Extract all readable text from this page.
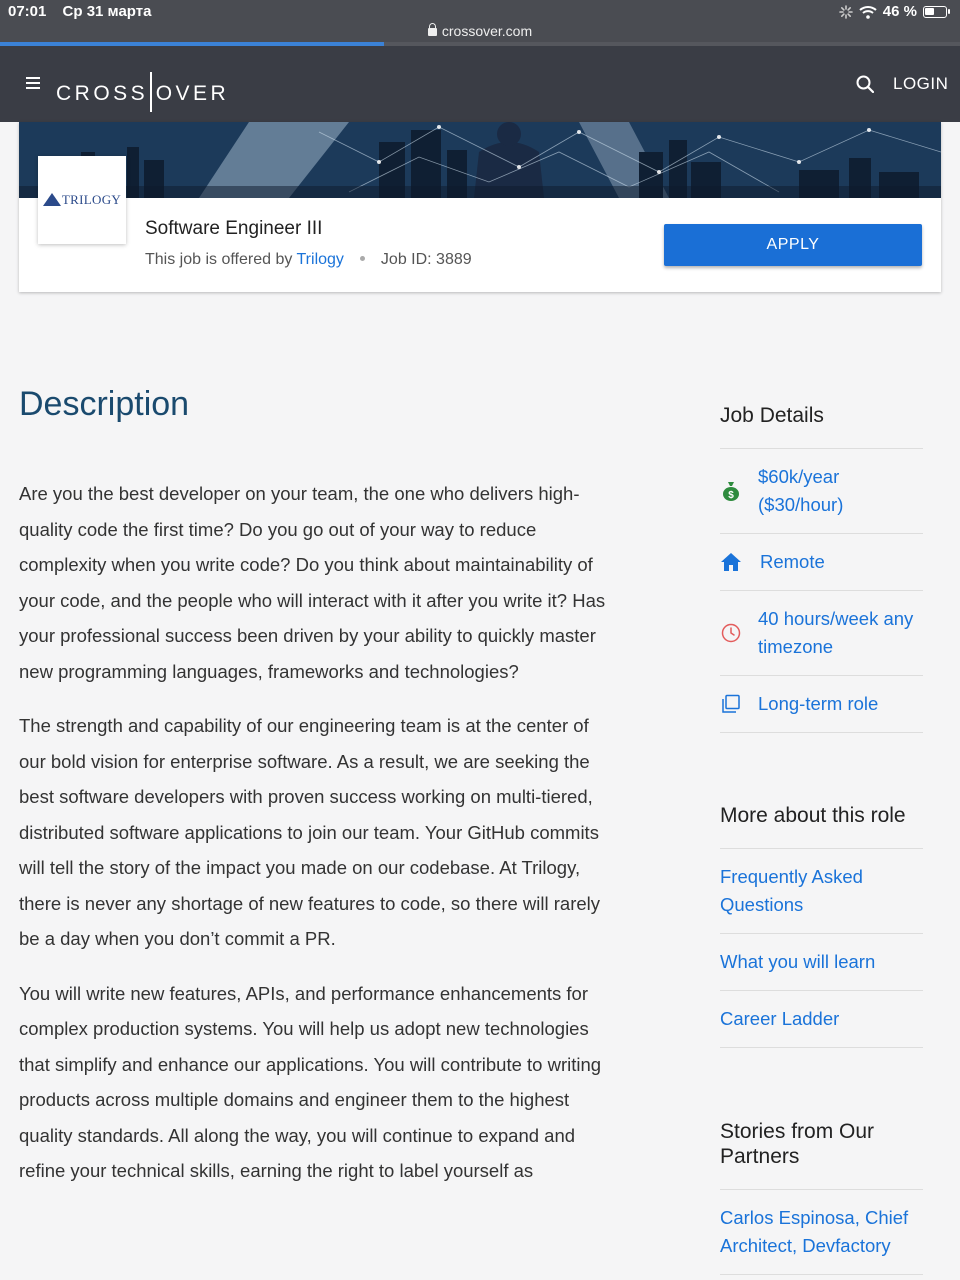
07:01 Ср 31 марта	46 %
crossover.com
CROSS OVER	LOGIN
TRILOGY
Software Engineer III
This job is offered by Trilogy Job ID: 3889
APPLY
Description

Are you the best developer on your team, the one who delivers high-quality code the first time? Do you go out of your way to reduce complexity when you write code? Do you think about maintainability of your code, and the people who will interact with it after you write it? Has your professional success been driven by your ability to quickly master new programming languages, frameworks and technologies?

The strength and capability of our engineering team is at the center of our bold vision for enterprise software. As a result, we are seeking the best software developers with proven success working on multi-tiered, distributed software applications to join our team. Your GitHub commits will tell the story of the impact you made on our codebase. At Trilogy, there is never any shortage of new features to code, so there will rarely be a day when you don’t commit a PR.

You will write new features, APIs, and performance enhancements for complex production systems. You will help us adopt new technologies that simplify and enhance our applications. You will contribute to writing products across multiple domains and engineer them to the highest quality standards. All along the way, you will continue to expand and refine your technical skills, earning the right to label yourself as

Job Details
$
$60k/year ($30/hour)
Remote
40 hours/week any timezone
Long-term role
More about this role
Frequently Asked Questions
What you will learn
Career Ladder
Stories from Our Partners
Carlos Espinosa, Chief Architect, Devfactory
